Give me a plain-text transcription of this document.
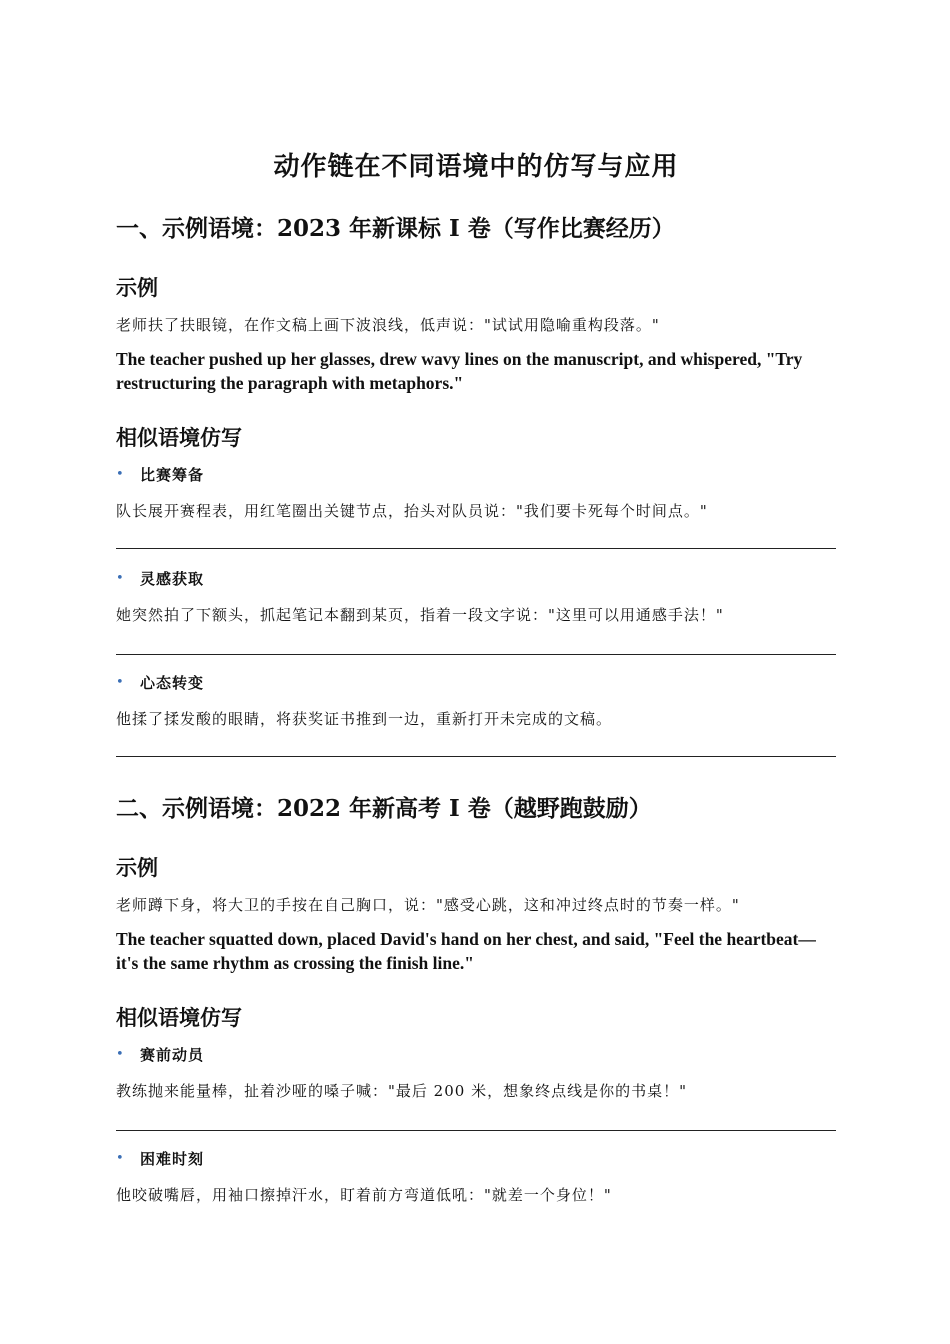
动作链在不同语境中的仿写与应用
一、示例语境：2023 年新课标 Ⅰ 卷（写作比赛经历）
示例

老师扶了扶眼镜，在作文稿上画下波浪线，低声说："试试用隐喻重构段落。"

The teacher pushed up her glasses, drew wavy lines on the manuscript, and whispered, "Try restructuring the paragraph with metaphors."

相似语境仿写
•	比赛筹备

队长展开赛程表，用红笔圈出关键节点，抬头对队员说："我们要卡死每个时间点。"

•	灵感获取

她突然拍了下额头，抓起笔记本翻到某页，指着一段文字说："这里可以用通感手法！"

•	心态转变

他揉了揉发酸的眼睛，将获奖证书推到一边，重新打开未完成的文稿。

二、示例语境：2022 年新高考 Ⅰ 卷（越野跑鼓励）
示例

老师蹲下身，将大卫的手按在自己胸口，说："感受心跳，这和冲过终点时的节奏一样。"

The teacher squatted down, placed David's hand on her chest, and said, "Feel the heartbeat—it's the same rhythm as crossing the finish line."

相似语境仿写
•	赛前动员

教练抛来能量棒，扯着沙哑的嗓子喊："最后 200 米，想象终点线是你的书桌！"

•	困难时刻

他咬破嘴唇，用袖口擦掉汗水，盯着前方弯道低吼："就差一个身位！"
